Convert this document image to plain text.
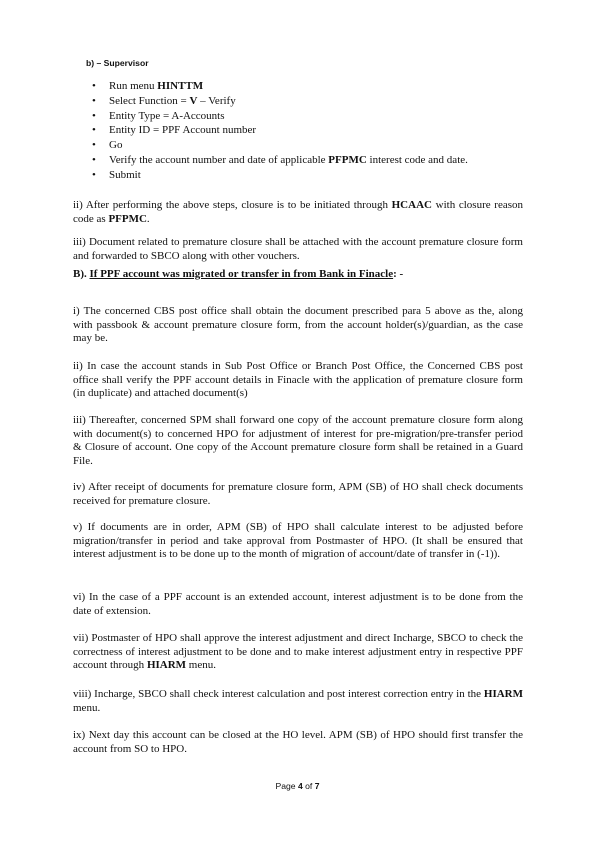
b) – Supervisor
• Run menu HINTTM
• Select Function = V – Verify
• Entity Type = A-Accounts
• Entity ID = PPF Account number
• Go
• Verify the account number and date of applicable PFPMC interest code and date.
• Submit
ii) After performing the above steps, closure is to be initiated through HCAAC with closure reason code as PFPMC.
iii) Document related to premature closure shall be attached with the account premature closure form and forwarded to SBCO along with other vouchers.
B). If PPF account was migrated or transfer in from Bank in Finacle: -
i) The concerned CBS post office shall obtain the document prescribed para 5 above as the, along with passbook & account premature closure form, from the account holder(s)/guardian, as the case may be.
ii) In case the account stands in Sub Post Office or Branch Post Office, the Concerned CBS post office shall verify the PPF account details in Finacle with the application of premature closure form (in duplicate) and attached document(s)
iii) Thereafter, concerned SPM shall forward one copy of the account premature closure form along with document(s) to concerned HPO for adjustment of interest for pre-migration/pre-transfer period & Closure of account. One copy of the Account premature closure form shall be retained in a Guard File.
iv) After receipt of documents for premature closure form, APM (SB) of HO shall check documents received for premature closure.
v) If documents are in order, APM (SB) of HPO shall calculate interest to be adjusted before migration/transfer in period and take approval from Postmaster of HPO. (It shall be ensured that interest adjustment is to be done up to the month of migration of account/date of transfer in (-1)).
vi) In the case of a PPF account is an extended account, interest adjustment is to be done from the date of extension.
vii) Postmaster of HPO shall approve the interest adjustment and direct Incharge, SBCO to check the correctness of interest adjustment to be done and to make interest adjustment entry in respective PPF account through HIARM menu.
viii) Incharge, SBCO shall check interest calculation and post interest correction entry in the HIARM menu.
ix) Next day this account can be closed at the HO level. APM (SB) of HPO should first transfer the account from SO to HPO.
Page 4 of 7
